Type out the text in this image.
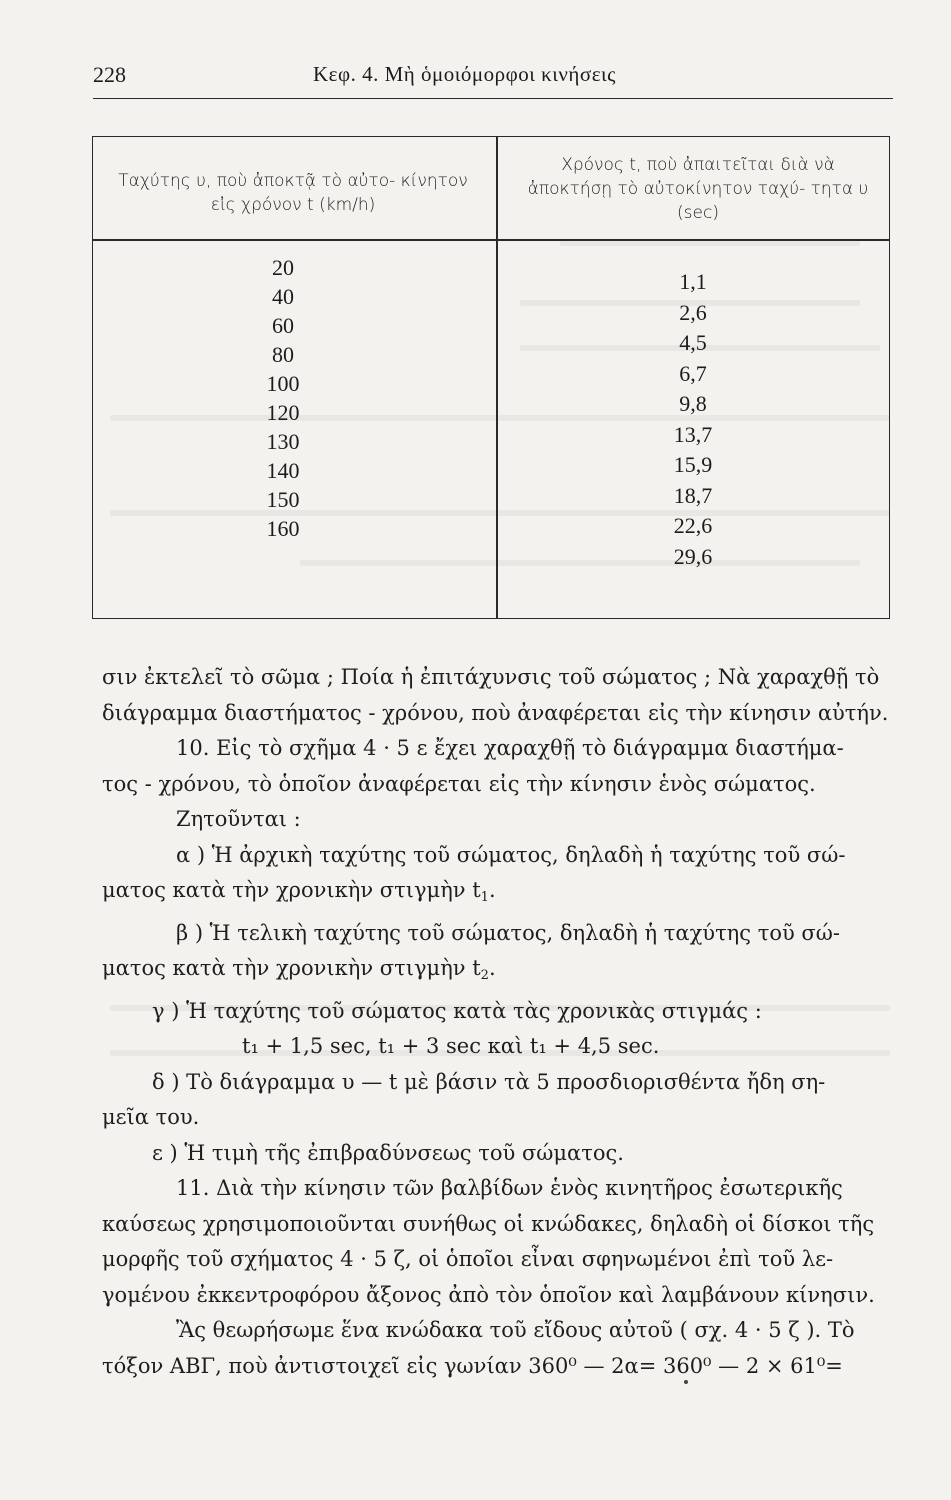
228	Κεφ. 4. Μὴ ὁμοιόμορφοι κινήσεις
Ταχύτης υ, ποὺ ἀποκτᾷ τὸ αὐτο- κίνητον εἰς χρόνον t (km/h)
Χρόνος t, ποὺ ἀπαιτεῖται διὰ νὰ ἀποκτήσῃ τὸ αὐτοκίνητον ταχύ- τητα υ (sec)
20
40
60
80
100
120
130
140
150
160
1,1
2,6
4,5
6,7
9,8
13,7
15,9
18,7
22,6
29,6

σιν ἐκτελεῖ τὸ σῶμα ; Ποία ἡ ἐπιτάχυνσις τοῦ σώματος ; Νὰ χαραχθῇ τὸ

διάγραμμα διαστήματος - χρόνου, ποὺ ἀναφέρεται εἰς τὴν κίνησιν αὐτήν.

10. Εἰς τὸ σχῆμα 4 · 5 ε ἔχει χαραχθῇ τὸ διάγραμμα διαστήμα-

τος - χρόνου, τὸ ὁποῖον ἀναφέρεται εἰς τὴν κίνησιν ἑνὸς σώματος.

Ζητοῦνται :

α ) Ἡ ἀρχικὴ ταχύτης τοῦ σώματος, δηλαδὴ ἡ ταχύτης τοῦ σώ-

ματος κατὰ τὴν χρονικὴν στιγμὴν $t_1$.

β ) Ἡ τελικὴ ταχύτης τοῦ σώματος, δηλαδὴ ἡ ταχύτης τοῦ σώ-

ματος κατὰ τὴν χρονικὴν στιγμὴν $t_2$.

γ ) Ἡ ταχύτης τοῦ σώματος κατὰ τὰς χρονικὰς στιγμάς :

t₁ + 1,5 sec, t₁ + 3 sec καὶ t₁ + 4,5 sec.

δ ) Τὸ διάγραμμα υ — t μὲ βάσιν τὰ 5 προσδιορισθέντα ἤδη ση-

μεῖα του.

ε ) Ἡ τιμὴ τῆς ἐπιβραδύνσεως τοῦ σώματος.

11. Διὰ τὴν κίνησιν τῶν βαλβίδων ἑνὸς κινητῆρος ἐσωτερικῆς

καύσεως χρησιμοποιοῦνται συνήθως οἱ κνώδακες, δηλαδὴ οἱ δίσκοι τῆς

μορφῆς τοῦ σχήματος 4 · 5 ζ, οἱ ὁποῖοι εἶναι σφηνωμένοι ἐπὶ τοῦ λε-

γομένου ἐκκεντροφόρου ἄξονος ἀπὸ τὸν ὁποῖον καὶ λαμβάνουν κίνησιν.

Ἂς θεωρήσωμε ἕνα κνώδακα τοῦ εἴδους αὐτοῦ ( σχ. 4 · 5 ζ ). Τὸ

τόξον ΑΒΓ, ποὺ ἀντιστοιχεῖ εἰς γωνίαν 360⁰ — 2α= 360⁰ — 2 × 61⁰=
